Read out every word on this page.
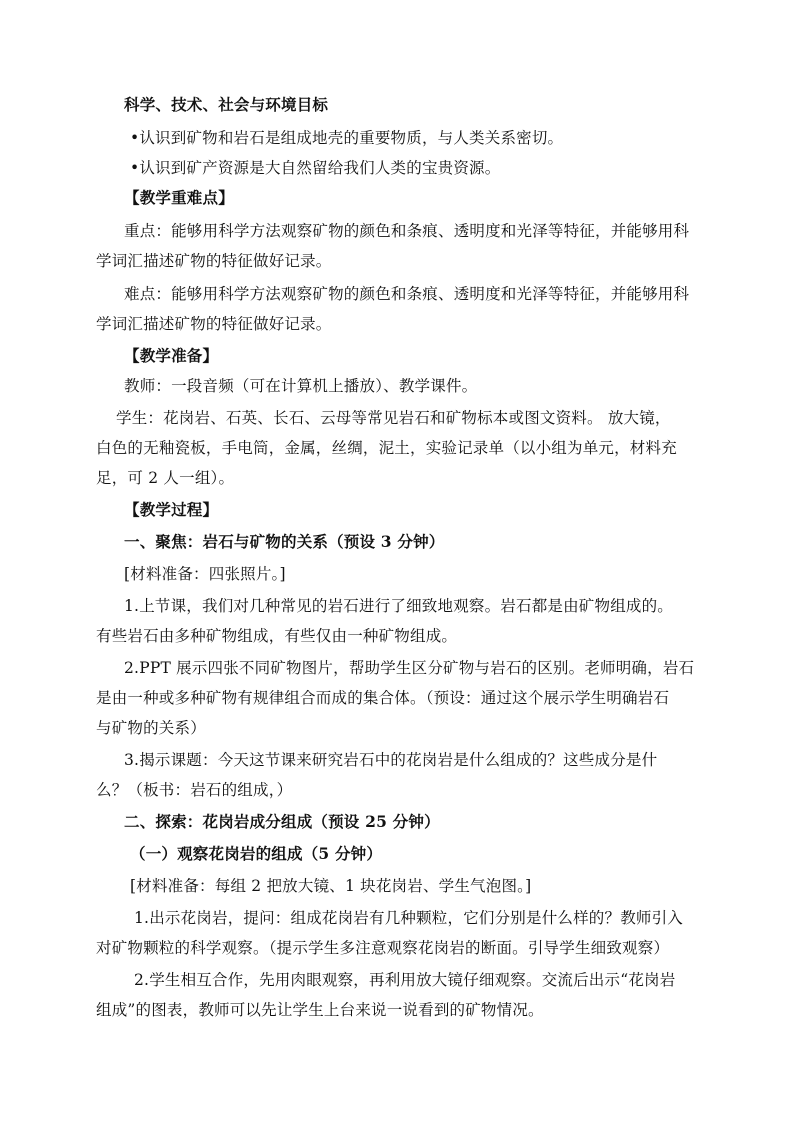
科学、技术、社会与环境目标
•认识到矿物和岩石是组成地壳的重要物质，与人类关系密切。
•认识到矿产资源是大自然留给我们人类的宝贵资源。
【教学重难点】
重点：能够用科学方法观察矿物的颜色和条痕、透明度和光泽等特征，并能够用科
学词汇描述矿物的特征做好记录。
难点：能够用科学方法观察矿物的颜色和条痕、透明度和光泽等特征，并能够用科
学词汇描述矿物的特征做好记录。
【教学准备】
教师：一段音频（可在计算机上播放）、教学课件。
学生：花岗岩、石英、长石、云母等常见岩石和矿物标本或图文资料。 放大镜，
白色的无釉瓷板，手电筒，金属，丝绸，泥土，实验记录单（以小组为单元，材料充
足，可 2 人一组）。
【教学过程】
一、聚焦：岩石与矿物的关系（预设 3 分钟）
[材料准备：四张照片。]
1.上节课，我们对几种常见的岩石进行了细致地观察。岩石都是由矿物组成的。
有些岩石由多种矿物组成，有些仅由一种矿物组成。
2.PPT 展示四张不同矿物图片，帮助学生区分矿物与岩石的区别。老师明确，岩石
是由一种或多种矿物有规律组合而成的集合体。（预设：通过这个展示学生明确岩石
与矿物的关系）
3.揭示课题：今天这节课来研究岩石中的花岗岩是什么组成的？这些成分是什
么？（板书：岩石的组成，）
二、探索：花岗岩成分组成（预设 25 分钟）
（一）观察花岗岩的组成（5 分钟）
[材料准备：每组 2 把放大镜、1 块花岗岩、学生气泡图。]
1.出示花岗岩，提问：组成花岗岩有几种颗粒，它们分别是什么样的？教师引入
对矿物颗粒的科学观察。（提示学生多注意观察花岗岩的断面。引导学生细致观察）
2.学生相互合作，先用肉眼观察，再利用放大镜仔细观察。交流后出示“花岗岩
组成”的图表，教师可以先让学生上台来说一说看到的矿物情况。
